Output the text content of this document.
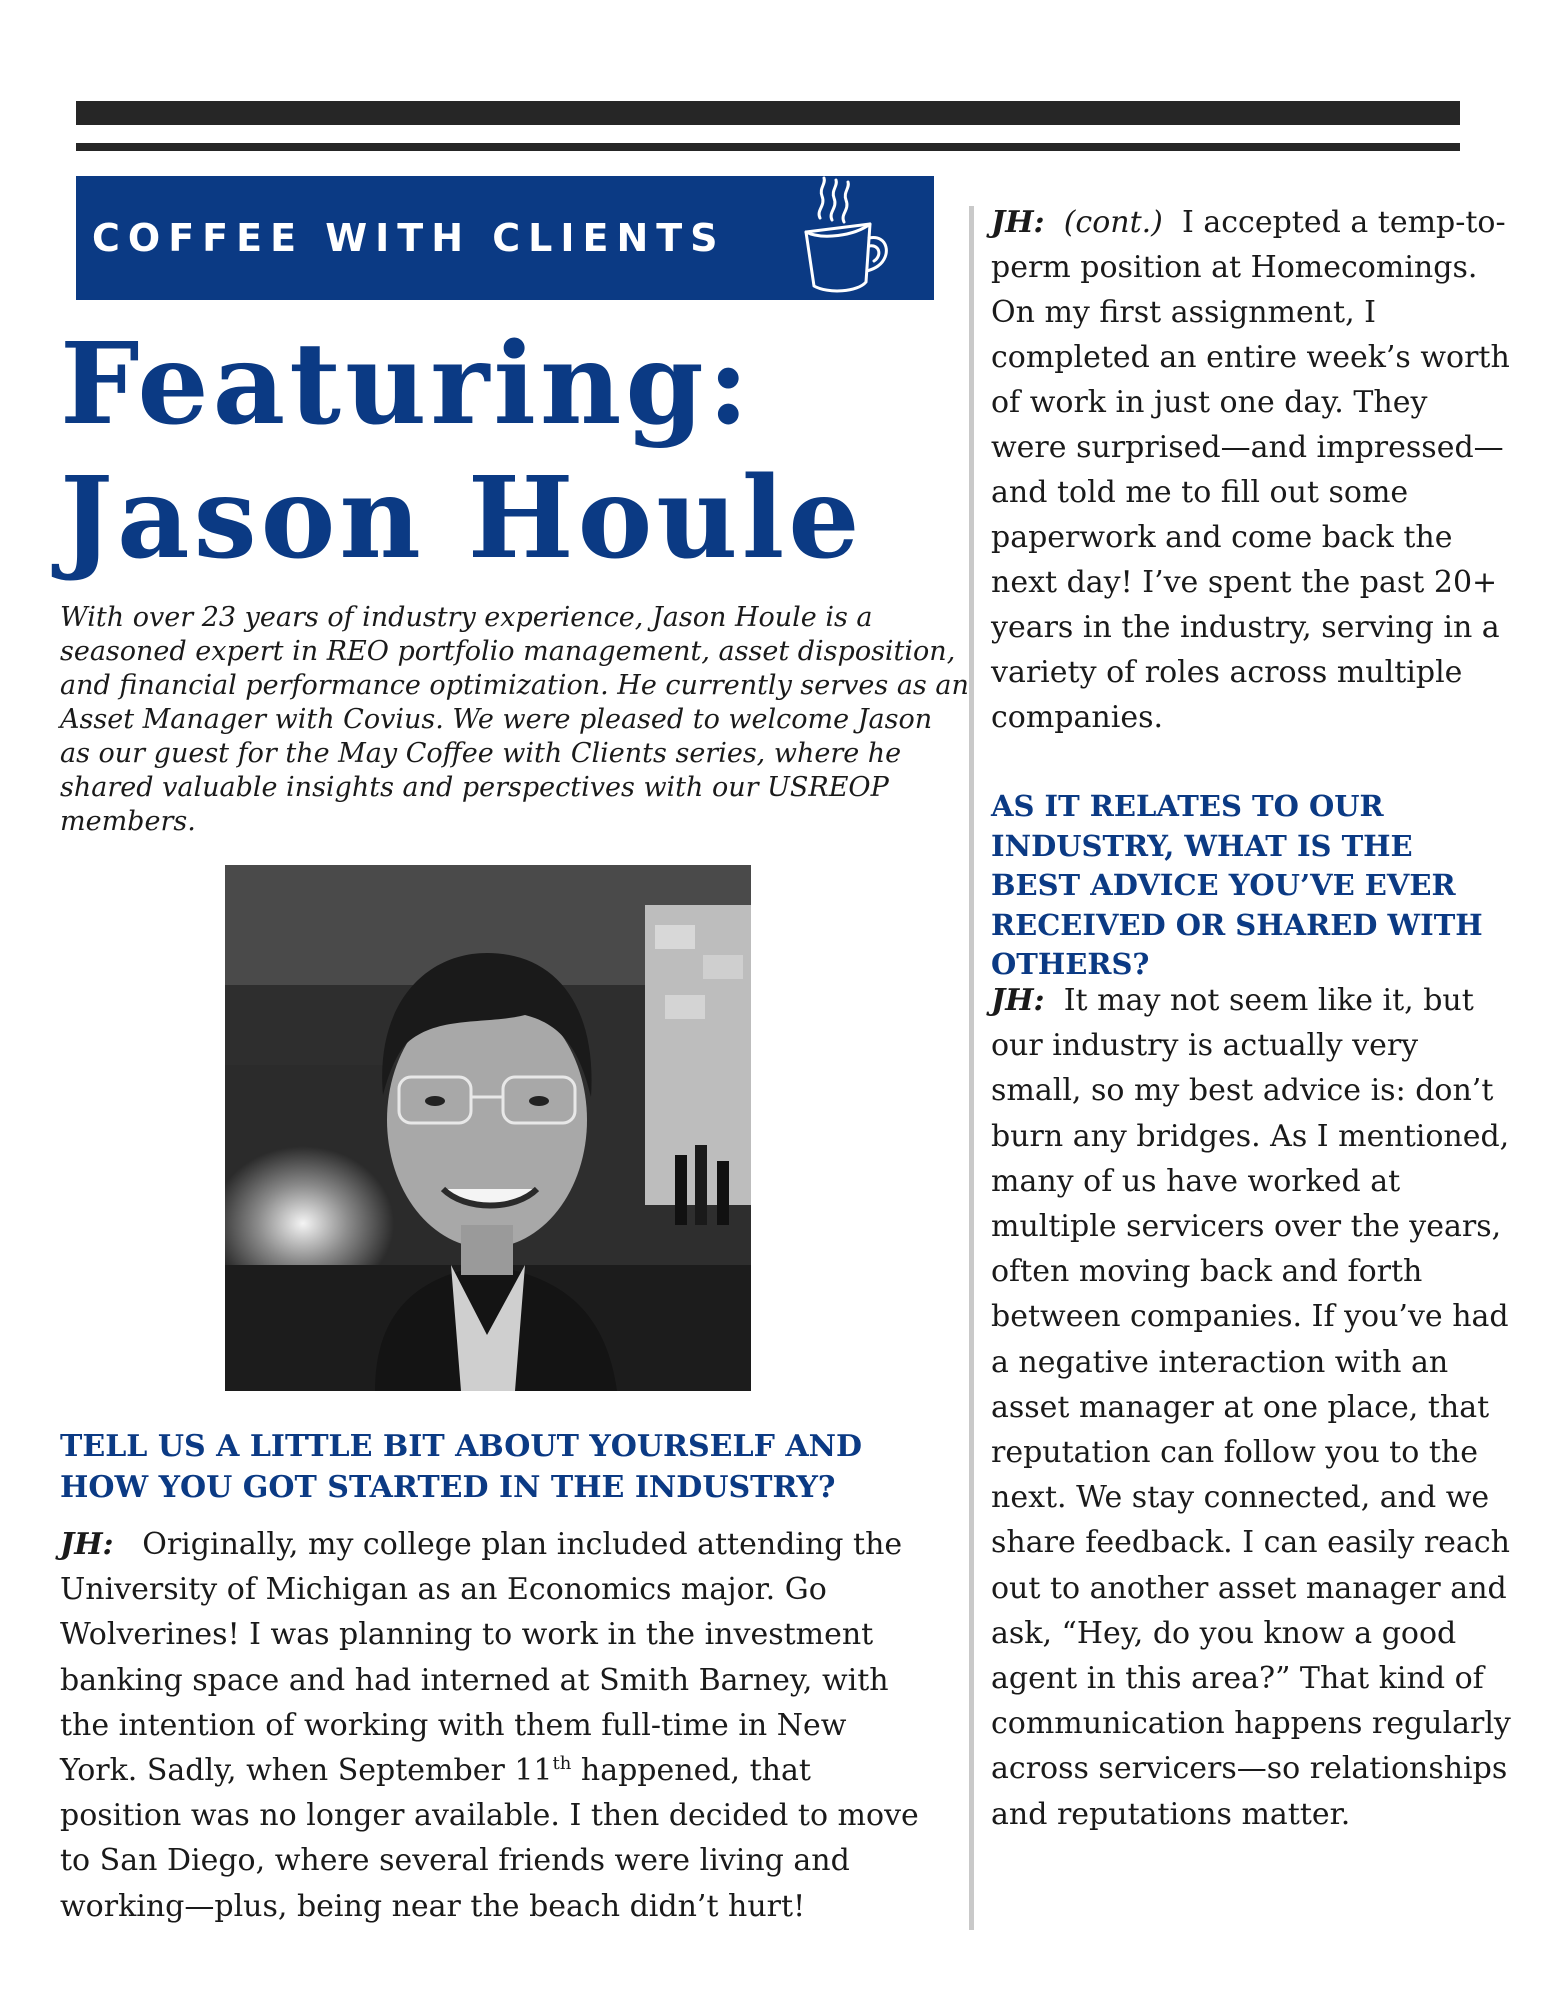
COFFEE WITH CLIENTS
Featuring:
Jason Houle
With over 23 years of industry experience, Jason Houle is a seasoned expert in REO portfolio management, asset disposition, and financial performance optimization. He currently serves as an Asset Manager with Covius. We were pleased to welcome Jason as our guest for the May Coffee with Clients series, where he shared valuable insights and perspectives with our USREOP members.
TELL US A LITTLE BIT ABOUT YOURSELF AND HOW YOU GOT STARTED IN THE INDUSTRY?
JH: Originally, my college plan included attending the University of Michigan as an Economics major. Go Wolverines! I was planning to work in the investment banking space and had interned at Smith Barney, with the intention of working with them full-time in New York. Sadly, when September 11th happened, that position was no longer available. I then decided to move to San Diego, where several friends were living and working—plus, being near the beach didn’t hurt!
JH: (cont.) I accepted a temp-to-perm position at Homecomings. On my first assignment, I completed an entire week’s worth of work in just one day. They were surprised—and impressed—and told me to fill out some paperwork and come back the next day! I’ve spent the past 20+ years in the industry, serving in a variety of roles across multiple companies.
AS IT RELATES TO OUR INDUSTRY, WHAT IS THE BEST ADVICE YOU’VE EVER RECEIVED OR SHARED WITH OTHERS?
JH: It may not seem like it, but our industry is actually very small, so my best advice is: don’t burn any bridges. As I mentioned, many of us have worked at multiple servicers over the years, often moving back and forth between companies. If you’ve had a negative interaction with an asset manager at one place, that reputation can follow you to the next. We stay connected, and we share feedback. I can easily reach out to another asset manager and ask, “Hey, do you know a good agent in this area?” That kind of communication happens regularly across servicers—so relationships and reputations matter.
